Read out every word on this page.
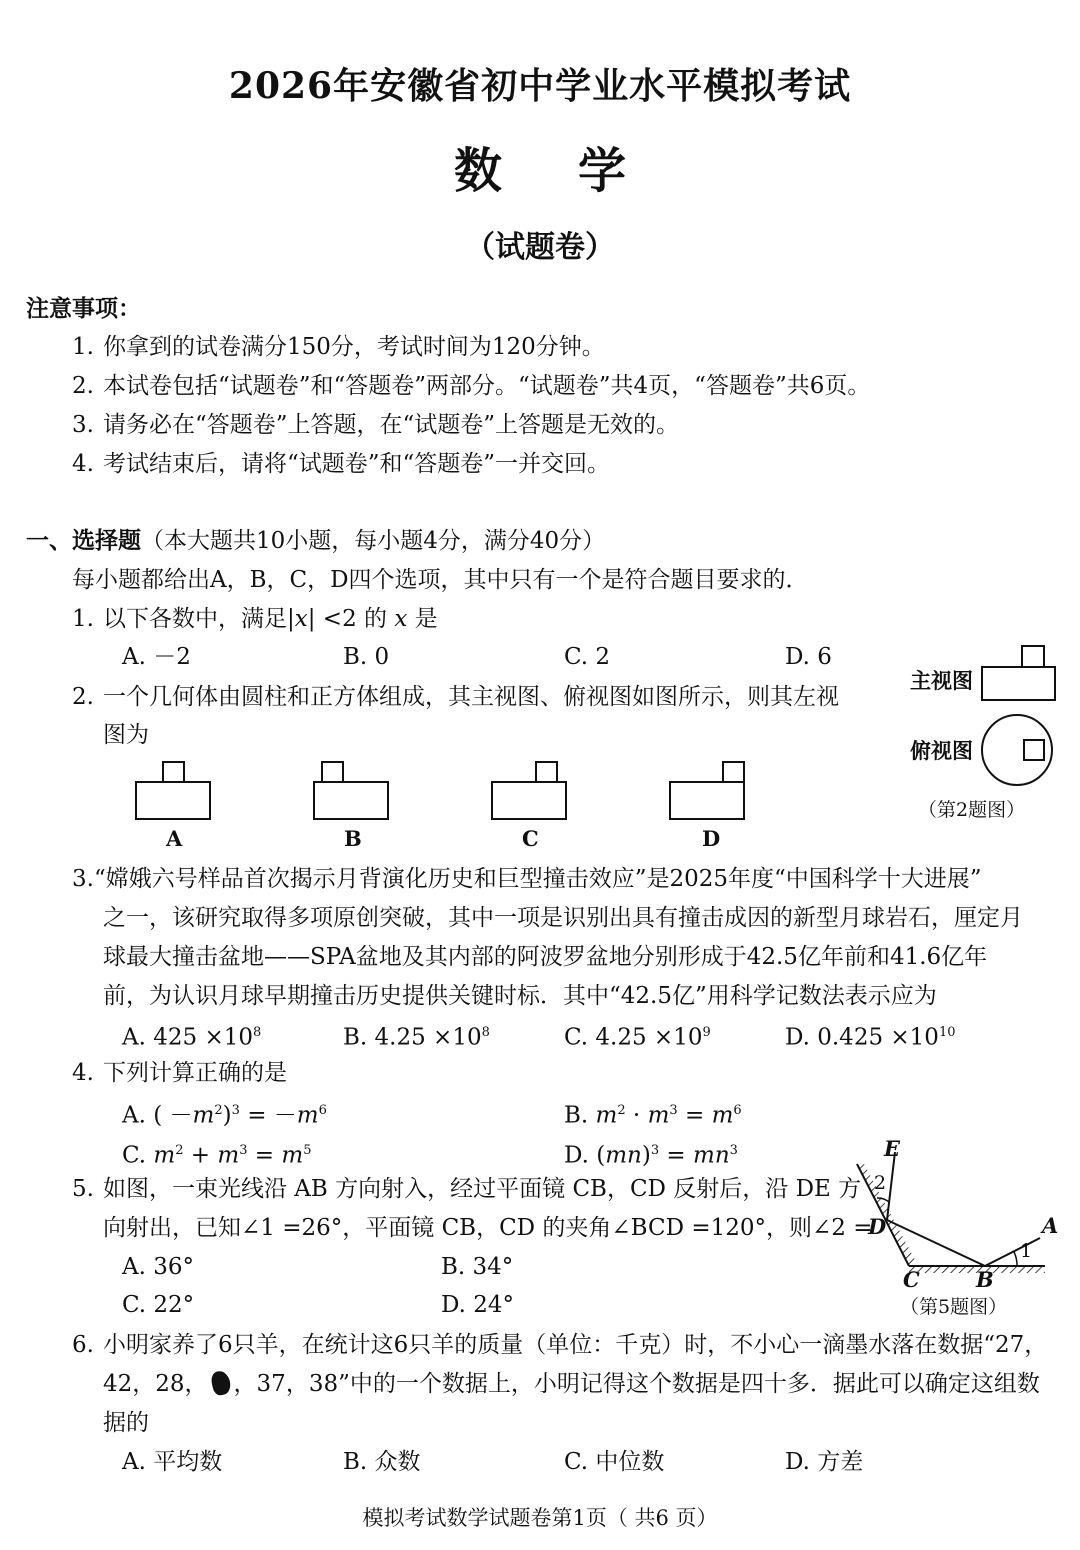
2026年安徽省初中学业水平模拟考试
数 学
（试题卷）
注意事项：
1. 你拿到的试卷满分150分，考试时间为120分钟。
2. 本试卷包括“试题卷”和“答题卷”两部分。“试题卷”共4页，“答题卷”共6页。
3. 请务必在“答题卷”上答题，在“试题卷”上答题是无效的。
4. 考试结束后，请将“试题卷”和“答题卷”一并交回。
一、选择题（本大题共10小题，每小题4分，满分40分）
每小题都给出A，B，C，D四个选项，其中只有一个是符合题目要求的．
1. 以下各数中，满足|x| <2 的 x 是
A. －2	B. 0	C. 2	D. 6
2. 一个几何体由圆柱和正方体组成，其主视图、俯视图如图所示，则其左视
图为
主视图
俯视图
（第2题图）
A	B	C	D
3. “嫦娥六号样品首次揭示月背演化历史和巨型撞击效应”是2025年度“中国科学十大进展”
之一，该研究取得多项原创突破，其中一项是识别出具有撞击成因的新型月球岩石，厘定月
球最大撞击盆地——SPA盆地及其内部的阿波罗盆地分别形成于42.5亿年前和41.6亿年
前，为认识月球早期撞击历史提供关键时标．其中“42.5亿”用科学记数法表示应为
A. $425 \times 10^8$	B. $4.25 \times 10^8$	C. $4.25 \times 10^9$	D. $0.425 \times 10^{10}$
4. 下列计算正确的是
A. ( $-m^2)^3 = -m^6$	B. $m^2 \cdot m^3 = m^6$
C. $m^2 + m^3 = m^5$	D. $(mn)^3 = mn^3$
5. 如图，一束光线沿 AB 方向射入，经过平面镜 CB，CD 反射后，沿 DE 方
向射出，已知∠1 =26°，平面镜 CB，CD 的夹角∠BCD =120°，则∠2 =
A. 36°	B. 34°
C. 22°	D. 24°
E
2
D	A
1
C	B
（第5题图）
6. 小明家养了6只羊，在统计这6只羊的质量（单位：千克）时，不小心一滴墨水落在数据“27，
42，28， ，37，38”中的一个数据上，小明记得这个数据是四十多．据此可以确定这组数
据的
A. 平均数	B. 众数	C. 中位数	D. 方差
模拟考试数学试题卷第1页（ 共6 页）
